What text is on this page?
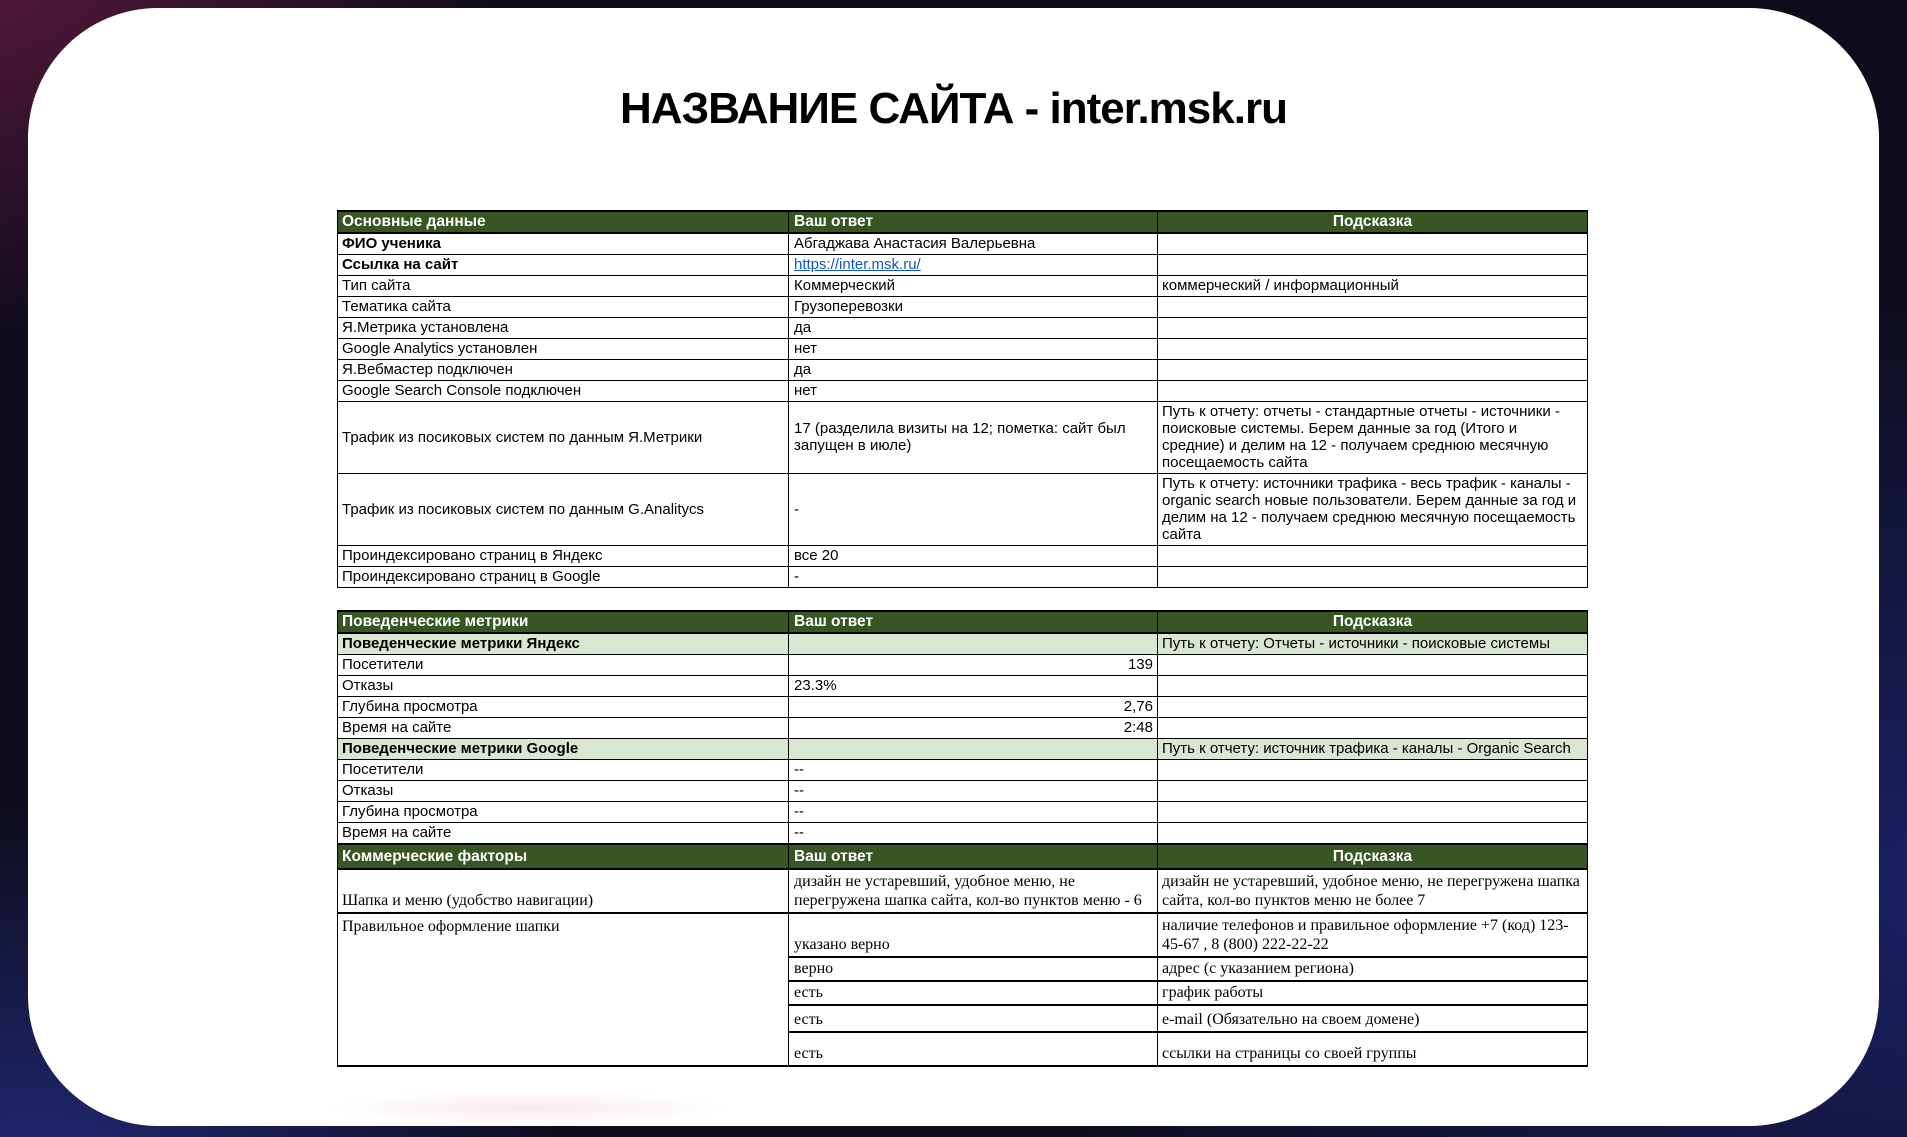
НАЗВАНИЕ САЙТА - inter.msk.ru
Основные данные	Ваш ответ	Подсказка
ФИО ученика	Абгаджава Анастасия Валерьевна	
Ссылка на сайт	https://inter.msk.ru/	
Тип сайта	Коммерческий	коммерческий / информационный
Тематика сайта	Грузоперевозки	
Я.Метрика установлена	да	
Google Analytics установлен	нет	
Я.Вебмастер подключен	да	
Google Search Console подключен	нет	
Трафик из посиковых систем по данным Я.Метрики	17 (разделила визиты на 12; пометка: сайт был запущен в июле)	Путь к отчету: отчеты - стандартные отчеты - источники - поисковые системы. Берем данные за год (Итого и средние) и делим на 12 - получаем среднюю месячную посещаемость сайта
Трафик из посиковых систем по данным G.Analitycs	-	Путь к отчету: источники трафика - весь трафик - каналы - organic search новые пользователи. Берем данные за год и делим на 12 - получаем среднюю месячную посещаемость сайта
Проиндексировано страниц в Яндекс	все 20	
Проиндексировано страниц в Google	-	
Поведенческие метрики	Ваш ответ	Подсказка
Поведенческие метрики Яндекс		Путь к отчету: Отчеты - источники - поисковые системы
Посетители	139	
Отказы	23.3%	
Глубина просмотра	2,76	
Время на сайте	2:48	
Поведенческие метрики Google		Путь к отчету: источник трафика - каналы - Organic Search
Посетители	--	
Отказы	--	
Глубина просмотра	--	
Время на сайте	--	
Коммерческие факторы	Ваш ответ	Подсказка
Шапка и меню (удобство навигации)	дизайн не устаревший, удобное меню, не перегружена шапка сайта, кол-во пунктов меню - 6	дизайн не устаревший, удобное меню, не перегружена шапка сайта, кол-во пунктов меню не более 7
Правильное оформление шапки	указано верно	наличие телефонов и правильное оформление +7 (код) 123-45-67 , 8 (800) 222-22-22
	верно	адрес (с указанием региона)
	есть	график работы
	есть	e-mail (Обязательно на своем домене)
	есть	ссылки на страницы со своей группы
